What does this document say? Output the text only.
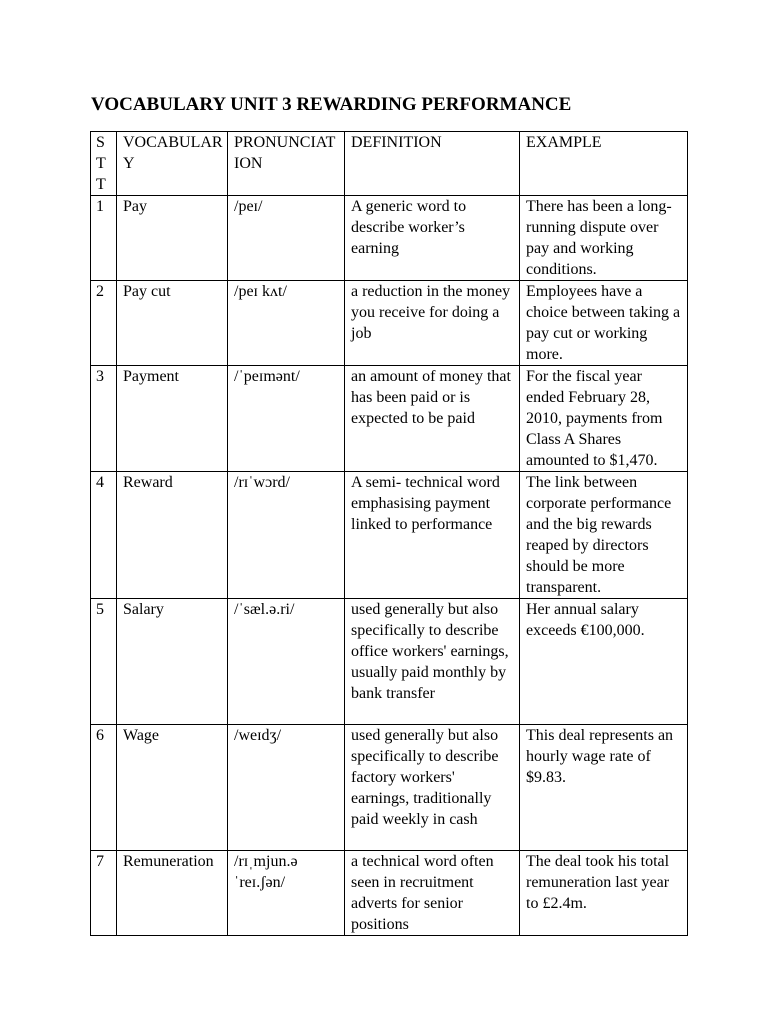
VOCABULARY UNIT 3 REWARDING PERFORMANCE
STT	VOCABULARY	PRONUNCIATION	DEFINITION	EXAMPLE
1	Pay	/peɪ/	A generic word to describe worker’s earning	There has been a long-running dispute over pay and working conditions.
2	Pay cut	/peɪ kʌt/	a reduction in the money you receive for doing a job	Employees have a choice between taking a pay cut or working more.
3	Payment	/ˈpeɪmənt/	an amount of money that has been paid or is expected to be paid	For the fiscal year ended February 28, 2010, payments from Class A Shares amounted to $1,470.
4	Reward	/rɪˈwɔrd/	A semi- technical word emphasising payment linked to performance	The link between corporate performance and the big rewards reaped by directors should be more transparent.
5	Salary	/ˈsæl.ə.ri/	used generally but also specifically to describe office workers' earnings, usually paid monthly by bank transfer	Her annual salary exceeds €100,000.
6	Wage	/weɪdʒ/	used generally but also specifically to describe factory workers' earnings, traditionally paid weekly in cash	This deal represents an hourly wage rate of $9.83.
7	Remuneration	/rɪˌmjun.ə ˈreɪ.ʃən/	a technical word often seen in recruitment adverts for senior positions	The deal took his total remuneration last year to £2.4m.
